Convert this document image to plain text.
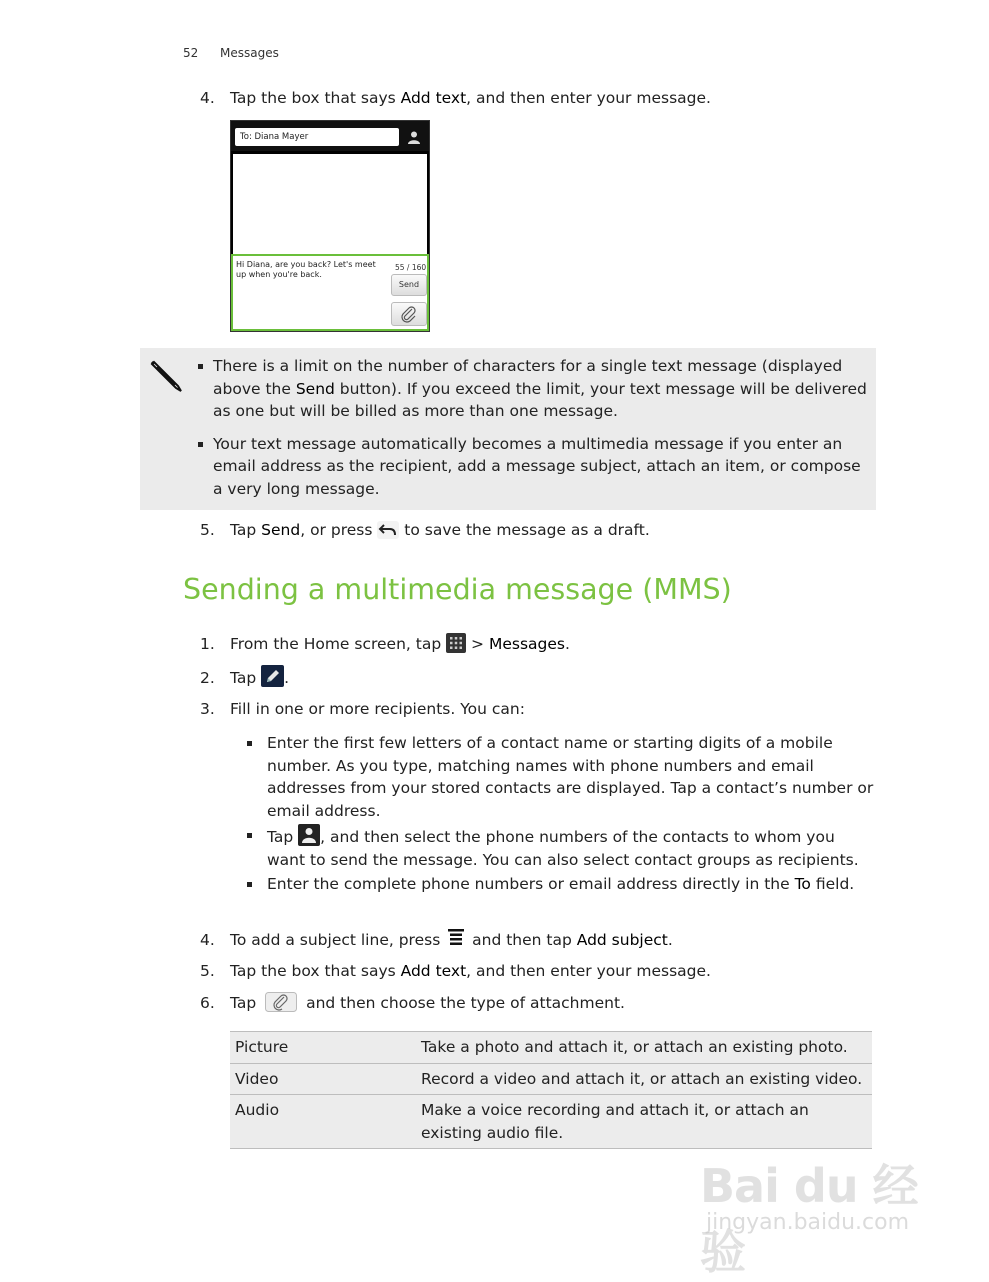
52 Messages
4. Tap the box that says Add text, and then enter your message.
To: Diana Mayer
Hi Diana, are you back? Let's meet up when you're back.
55 / 160
Send
There is a limit on the number of characters for a single text message (displayed above the Send button). If you exceed the limit, your text message will be delivered as one but will be billed as more than one message.
Your text message automatically becomes a multimedia message if you enter an email address as the recipient, add a message subject, attach an item, or compose a very long message.
5. Tap Send, or press  to save the message as a draft.
Sending a multimedia message (MMS)
1. From the Home screen, tap  > Messages.
2. Tap .
3. Fill in one or more recipients. You can:
Enter the first few letters of a contact name or starting digits of a mobile number. As you type, matching names with phone numbers and email addresses from your stored contacts are displayed. Tap a contact’s number or email address.
Tap , and then select the phone numbers of the contacts to whom you want to send the message. You can also select contact groups as recipients.
Enter the complete phone numbers or email address directly in the To field.
4. To add a subject line, press  and then tap Add subject.
5. Tap the box that says Add text, and then enter your message.
6. Tap	and then choose the type of attachment.
Picture	Take a photo and attach it, or attach an existing photo.
Video	Record a video and attach it, or attach an existing video.
Audio	Make a voice recording and attach it, or attach an existing audio file.
Bai du 经验
jingyan.baidu.com
